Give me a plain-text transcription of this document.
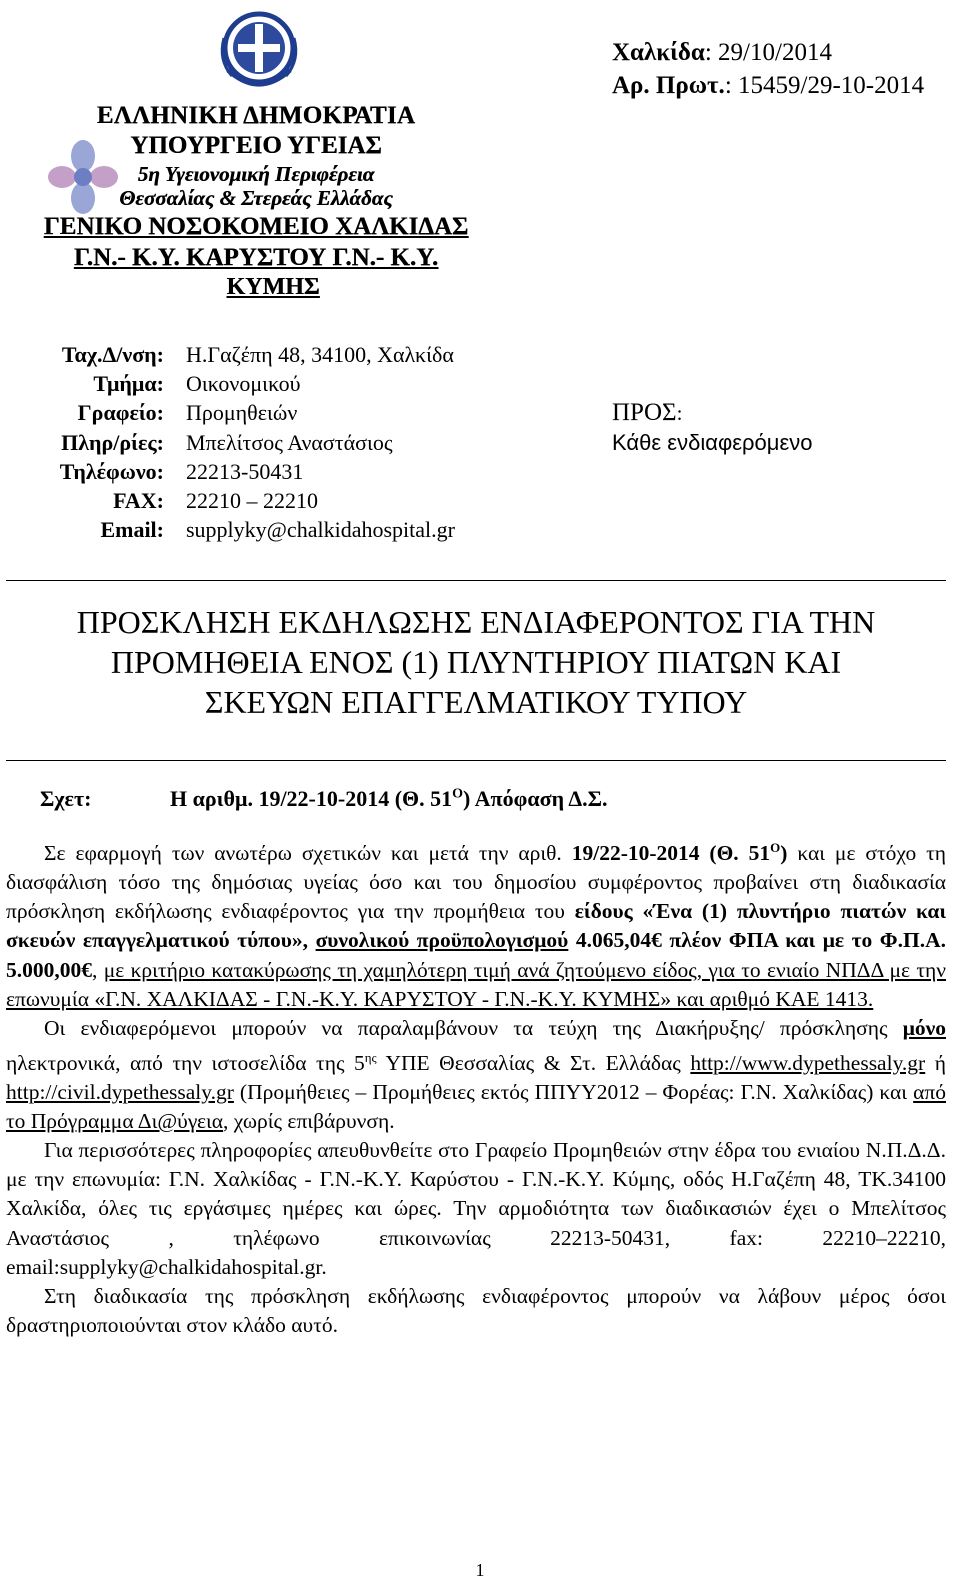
ΕΛΛΗΝΙΚΗ ΔΗΜΟΚΡΑΤΙΑ
ΥΠΟΥΡΓΕΙΟ ΥΓΕΙΑΣ
5η Υγειονομική Περιφέρεια
Θεσσαλίας & Στερεάς Ελλάδας
ΓΕΝΙΚΟ ΝΟΣΟΚΟΜΕΙΟ ΧΑΛΚΙΔΑΣ
Γ.Ν.- Κ.Υ. ΚΑΡΥΣΤΟΥ Γ.Ν.- Κ.Υ.
ΚΥΜΗΣ
Χαλκίδα: 29/10/2014
Αρ. Πρωτ.: 15459/29-10-2014
Ταχ.Δ/νση: Η.Γαζέπη 48, 34100, Χαλκίδα
Τμήμα: Οικονομικού
Γραφείο: Προμηθειών
Πληρ/ρίες: Μπελίτσος Αναστάσιος
Τηλέφωνο: 22213-50431
FAX: 22210 – 22210
Email: supplyky@chalkidahospital.gr
ΠΡΟΣ:
Κάθε ενδιαφερόμενο
ΠΡΟΣΚΛΗΣΗ ΕΚΔΗΛΩΣΗΣ ΕΝΔΙΑΦΕΡΟΝΤΟΣ ΓΙΑ ΤΗΝ
ΠΡΟΜΗΘΕΙΑ ΕΝΟΣ (1) ΠΛΥΝΤΗΡΙΟΥ ΠΙΑΤΩΝ ΚΑΙ
ΣΚΕΥΩΝ ΕΠΑΓΓΕΛΜΑΤΙΚΟΥ ΤΥΠΟΥ
Σχετ:	Η αριθμ. 19/22-10-2014 (Θ. $51^O$) Απόφαση Δ.Σ.

Σε εφαρμογή των ανωτέρω σχετικών και μετά την αριθ. 19/22-10-2014 (Θ. $51^O$) και με στόχο τη διασφάλιση τόσο της δημόσιας υγείας όσο και του δημοσίου συμφέροντος προβαίνει στη διαδικασία πρόσκληση εκδήλωσης ενδιαφέροντος για την προμήθεια του είδους «Ένα (1) πλυντήριο πιατών και σκευών επαγγελματικού τύπου», συνολικού προϋπολογισμού 4.065,04€ πλέον ΦΠΑ και με το Φ.Π.Α. 5.000,00€, με κριτήριο κατακύρωσης τη χαμηλότερη τιμή ανά ζητούμενο είδος, για το ενιαίο ΝΠΔΔ με την επωνυμία «Γ.Ν. ΧΑΛΚΙΔΑΣ - Γ.Ν.-Κ.Υ. ΚΑΡΥΣΤΟΥ - Γ.Ν.-Κ.Υ. ΚΥΜΗΣ» και αριθμό ΚΑΕ 1413.

Οι ενδιαφερόμενοι μπορούν να παραλαμβάνουν τα τεύχη της Διακήρυξης/ πρόσκλησης μόνο ηλεκτρονικά, από την ιστοσελίδα της $5^{\eta\varsigma}$ ΥΠΕ Θεσσαλίας & Στ. Ελλάδας http://www.dypethessaly.gr ή http://civil.dypethessaly.gr (Προμήθειες – Προμήθειες εκτός ΠΠΥΥ2012 – Φορέας: Γ.Ν. Χαλκίδας) και από το Πρόγραμμα Δι@ύγεια, χωρίς επιβάρυνση.

Για περισσότερες πληροφορίες απευθυνθείτε στο Γραφείο Προμηθειών στην έδρα του ενιαίου Ν.Π.Δ.Δ. με την επωνυμία: Γ.Ν. Χαλκίδας - Γ.Ν.-Κ.Υ. Καρύστου - Γ.Ν.-Κ.Υ. Κύμης, οδός Η.Γαζέπη 48, ΤΚ.34100 Χαλκίδα, όλες τις εργάσιμες ημέρες και ώρες. Την αρμοδιότητα των διαδικασιών έχει ο Μπελίτσος Αναστάσιος , τηλέφωνο επικοινωνίας 22213-50431, fax: 22210–22210, email:supplyky@chalkidahospital.gr.

Στη διαδικασία της πρόσκληση εκδήλωσης ενδιαφέροντος μπορούν να λάβουν μέρος όσοι δραστηριοποιούνται στον κλάδο αυτό.

1
